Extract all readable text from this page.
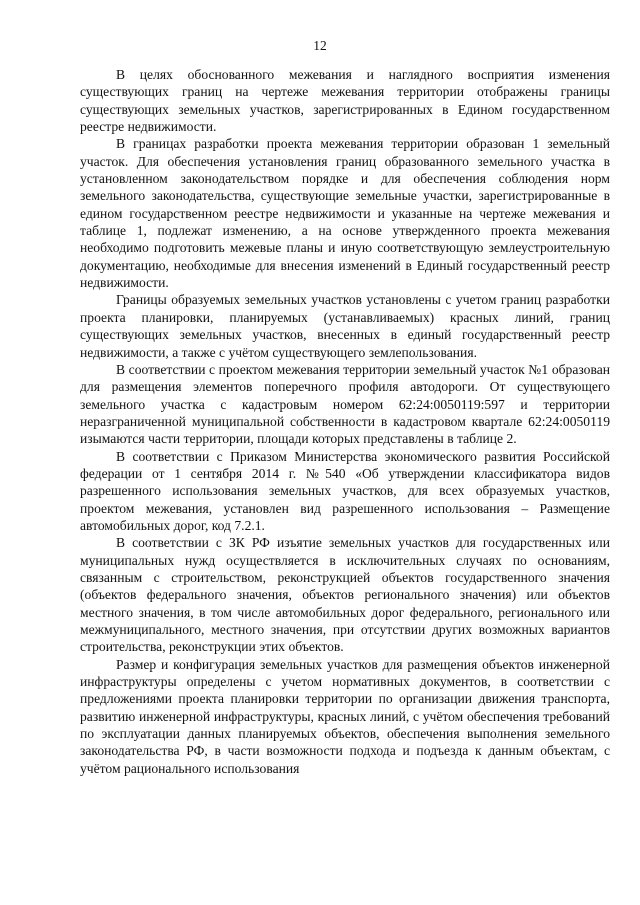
12

В целях обоснованного межевания и наглядного восприятия изменения существующих границ на чертеже межевания территории отображены границы существующих земельных участков, зарегистрированных в Едином государственном реестре недвижимости.

В границах разработки проекта межевания территории образован 1 земельный участок. Для обеспечения установления границ образованного земельного участка в установленном законодательством порядке и для обеспечения соблюдения норм земельного законодательства, существующие земельные участки, зарегистрированные в едином государственном реестре недвижимости и указанные на чертеже межевания и таблице 1, подлежат изменению, а на основе утвержденного проекта межевания необходимо подготовить межевые планы и иную соответствующую землеустроительную документацию, необходимые для внесения изменений в Единый государственный реестр недвижимости.

Границы образуемых земельных участков установлены с учетом границ разработки проекта планировки, планируемых (устанавливаемых) красных линий, границ существующих земельных участков, внесенных в единый государственный реестр недвижимости, а также с учётом существующего землепользования.

В соответствии с проектом межевания территории земельный участок №1 образован для размещения элементов поперечного профиля автодороги. От существующего земельного участка с кадастровым номером 62:24:0050119:597 и территории неразграниченной муниципальной собственности в кадастровом квартале 62:24:0050119 изымаются части территории, площади которых представлены в таблице 2.

В соответствии с Приказом Министерства экономического развития Российской федерации от 1 сентября 2014 г. №540 «Об утверждении классификатора видов разрешенного использования земельных участков, для всех образуемых участков, проектом межевания, установлен вид разрешенного использования – Размещение автомобильных дорог, код 7.2.1.

В соответствии с ЗК РФ изъятие земельных участков для государственных или муниципальных нужд осуществляется в исключительных случаях по основаниям, связанным с строительством, реконструкцией объектов государственного значения (объектов федерального значения, объектов регионального значения) или объектов местного значения, в том числе автомобильных дорог федерального, регионального или межмуниципального, местного значения, при отсутствии других возможных вариантов строительства, реконструкции этих объектов.

Размер и конфигурация земельных участков для размещения объектов инженерной инфраструктуры определены с учетом нормативных документов, в соответствии с предложениями проекта планировки территории по организации движения транспорта, развитию инженерной инфраструктуры, красных линий, с учётом обеспечения требований по эксплуатации данных планируемых объектов, обеспечения выполнения земельного законодательства РФ, в части возможности подхода и подъезда к данным объектам, с учётом рационального использования
